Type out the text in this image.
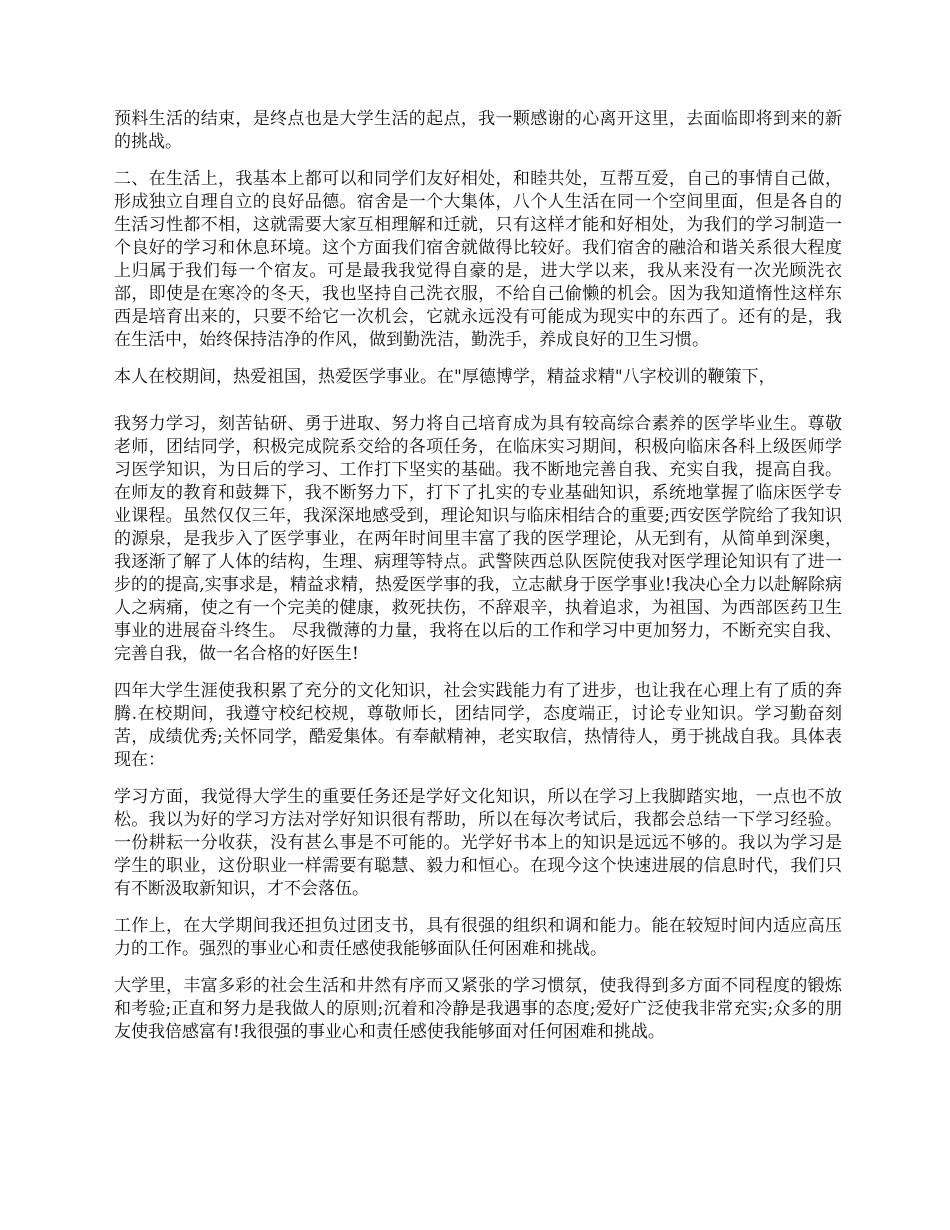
预料生活的结束，是终点也是大学生活的起点，我一颗感谢的心离开这里，去面临即将到来的新的挑战。

二、在生活上，我基本上都可以和同学们友好相处，和睦共处，互帮互爱，自己的事情自己做，形成独立自理自立的良好品德。宿舍是一个大集体，八个人生活在同一个空间里面，但是各自的生活习性都不相，这就需要大家互相理解和迁就，只有这样才能和好相处，为我们的学习制造一个良好的学习和休息环境。这个方面我们宿舍就做得比较好。我们宿舍的融洽和谐关系很大程度上归属于我们每一个宿友。可是最我我觉得自豪的是，进大学以来，我从来没有一次光顾洗衣部，即使是在寒冷的冬天，我也坚持自己洗衣服，不给自己偷懒的机会。因为我知道惰性这样东西是培育出来的，只要不给它一次机会，它就永远没有可能成为现实中的东西了。还有的是，我在生活中，始终保持洁净的作风，做到勤洗洁，勤洗手，养成良好的卫生习惯。

本人在校期间，热爱祖国，热爱医学事业。在"厚德博学，精益求精"八字校训的鞭策下，

我努力学习，刻苦钻研、勇于进取、努力将自己培育成为具有较高综合素养的医学毕业生。尊敬老师，团结同学，积极完成院系交给的各项任务，在临床实习期间，积极向临床各科上级医师学习医学知识，为日后的学习、工作打下坚实的基础。我不断地完善自我、充实自我，提高自我。在师友的教育和鼓舞下，我不断努力下，打下了扎实的专业基础知识，系统地掌握了临床医学专业课程。虽然仅仅三年，我深深地感受到，理论知识与临床相结合的重要;西安医学院给了我知识的源泉，是我步入了医学事业，在两年时间里丰富了我的医学理论，从无到有，从简单到深奥，我逐渐了解了人体的结构，生理、病理等特点。武警陕西总队医院使我对医学理论知识有了进一步的的提高,实事求是，精益求精，热爱医学事的我，立志献身于医学事业!我决心全力以赴解除病人之病痛，使之有一个完美的健康，救死扶伤，不辞艰辛，执着追求，为祖国、为西部医药卫生事业的进展奋斗终生。 尽我微薄的力量，我将在以后的工作和学习中更加努力，不断充实自我、完善自我，做一名合格的好医生!

四年大学生涯使我积累了充分的文化知识，社会实践能力有了进步，也让我在心理上有了质的奔腾.在校期间，我遵守校纪校规，尊敬师长，团结同学，态度端正，讨论专业知识。学习勤奋刻苦，成绩优秀;关怀同学，酷爱集体。有奉献精神，老实取信，热情待人，勇于挑战自我。具体表现在：

学习方面，我觉得大学生的重要任务还是学好文化知识，所以在学习上我脚踏实地，一点也不放松。我以为好的学习方法对学好知识很有帮助，所以在每次考试后，我都会总结一下学习经验。一份耕耘一分收获，没有甚么事是不可能的。光学好书本上的知识是远远不够的。我以为学习是学生的职业，这份职业一样需要有聪慧、毅力和恒心。在现今这个快速进展的信息时代，我们只有不断汲取新知识，才不会落伍。

工作上，在大学期间我还担负过团支书，具有很强的组织和调和能力。能在较短时间内适应高压力的工作。强烈的事业心和责任感使我能够面队任何困难和挑战。

大学里，丰富多彩的社会生活和井然有序而又紧张的学习惯氛，使我得到多方面不同程度的锻炼和考验;正直和努力是我做人的原则;沉着和冷静是我遇事的态度;爱好广泛使我非常充实;众多的朋友使我倍感富有!我很强的事业心和责任感使我能够面对任何困难和挑战。
